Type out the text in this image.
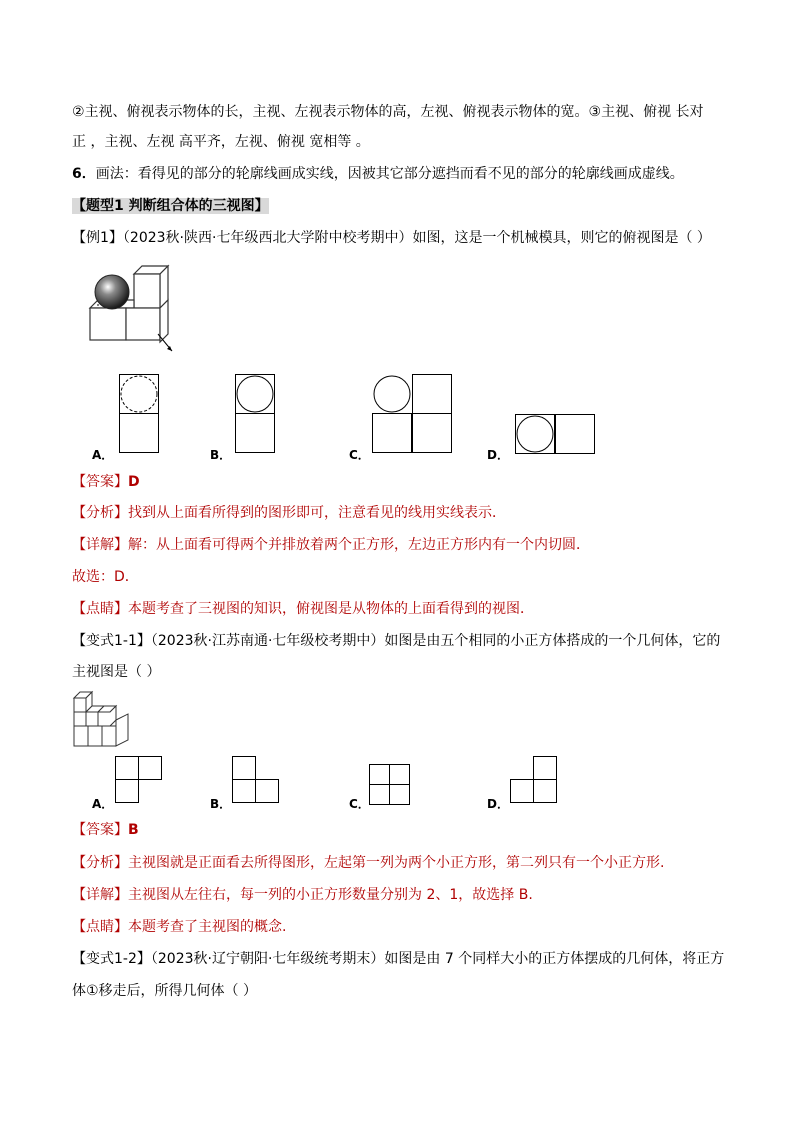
②主视、俯视表示物体的长，主视、左视表示物体的高，左视、俯视表示物体的宽。③主视、俯视 长对
正 ，主视、左视 高平齐，左视、俯视 宽相等 。
6．画法：看得见的部分的轮廓线画成实线，因被其它部分遮挡而看不见的部分的轮廓线画成虚线。
【题型1 判断组合体的三视图】
【例1】（2023秋·陕西·七年级西北大学附中校考期中）如图，这是一个机械模具，则它的俯视图是（ ）
A．	B．	C．	D．
【答案】D
【分析】找到从上面看所得到的图形即可，注意看见的线用实线表示．
【详解】解：从上面看可得两个并排放着两个正方形，左边正方形内有一个内切圆．
故选：D．
【点睛】本题考查了三视图的知识，俯视图是从物体的上面看得到的视图．
【变式1-1】（2023秋·江苏南通·七年级校考期中）如图是由五个相同的小正方体搭成的一个几何体，它的
主视图是（ ）
A．	B．	C．	D．
【答案】B
【分析】主视图就是正面看去所得图形，左起第一列为两个小正方形，第二列只有一个小正方形.
【详解】主视图从左往右，每一列的小正方形数量分别为 2、1，故选择 B.
【点睛】本题考查了主视图的概念.
【变式1-2】（2023秋·辽宁朝阳·七年级统考期末）如图是由 7 个同样大小的正方体摆成的几何体，将正方
体①移走后，所得几何体（ ）
